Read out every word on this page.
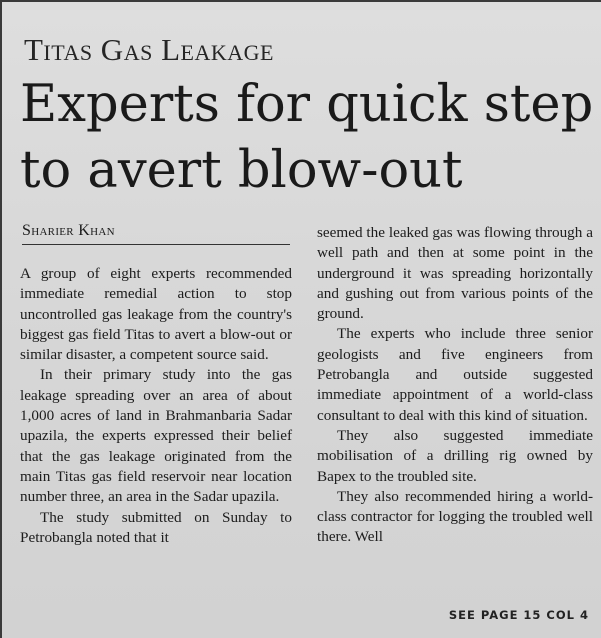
Titas Gas Leakage
Experts for quick step
to avert blow-out
Sharier Khan

A group of eight experts recommended immediate remedial action to stop uncontrolled gas leakage from the country's biggest gas field Titas to avert a blow-out or similar disaster, a competent source said.

In their primary study into the gas leakage spreading over an area of about 1,000 acres of land in Brahmanbaria Sadar upazila, the experts expressed their belief that the gas leakage originated from the main Titas gas field reservoir near location number three, an area in the Sadar upazila.

The study submitted on Sunday to Petrobangla noted that it

seemed the leaked gas was flowing through a well path and then at some point in the underground it was spreading horizontally and gushing out from various points of the ground.

The experts who include three senior geologists and five engineers from Petrobangla and outside suggested immediate appointment of a world-class consultant to deal with this kind of situation.

They also suggested immediate mobilisation of a drilling rig owned by Bapex to the troubled site.

They also recommended hiring a world-class contractor for logging the troubled well there. Well

SEE PAGE 15 COL 4
